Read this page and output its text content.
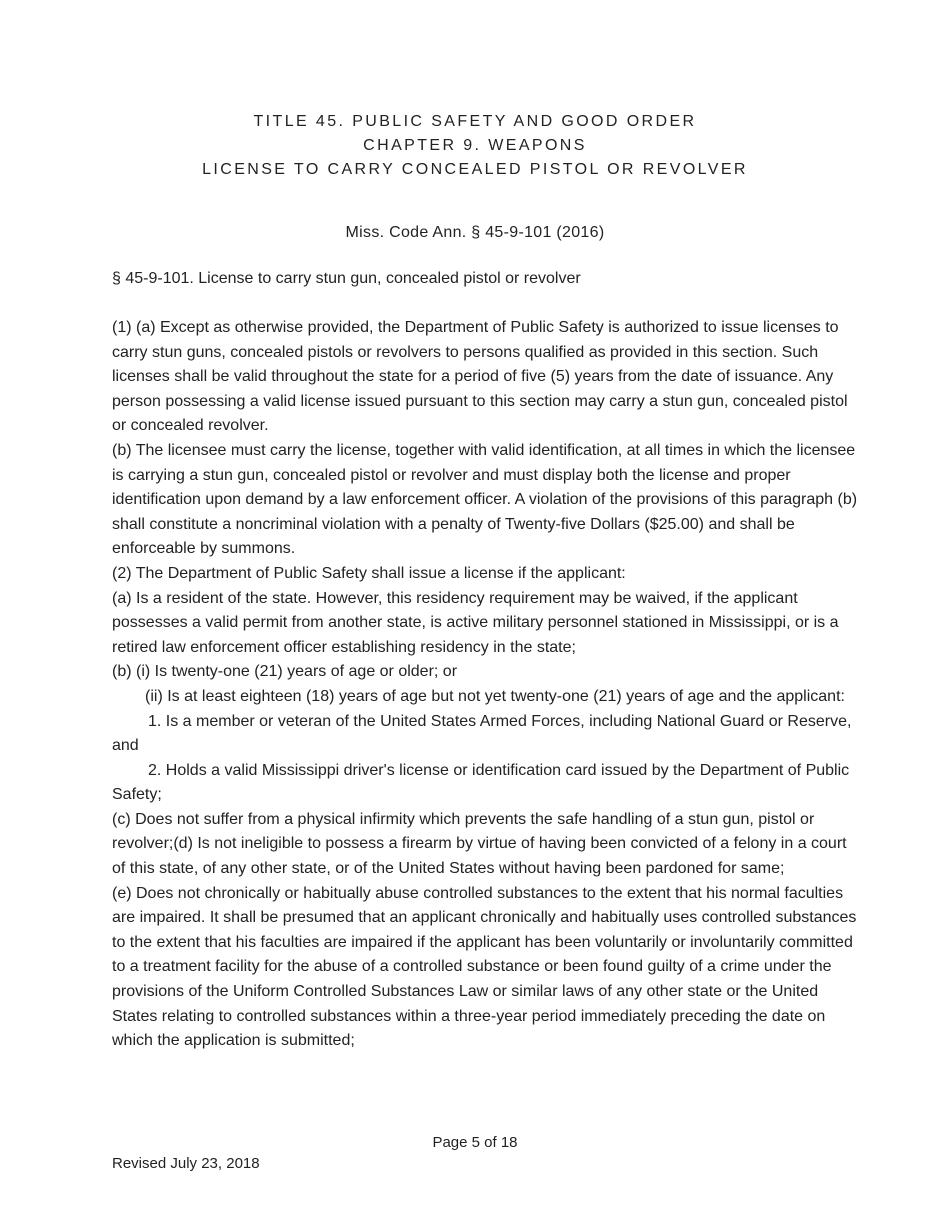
TITLE 45. PUBLIC SAFETY AND GOOD ORDER
CHAPTER 9. WEAPONS
LICENSE TO CARRY CONCEALED PISTOL OR REVOLVER
Miss. Code Ann. § 45-9-101 (2016)
§ 45-9-101. License to carry stun gun, concealed pistol or revolver

(1) (a) Except as otherwise provided, the Department of Public Safety is authorized to issue licenses to carry stun guns, concealed pistols or revolvers to persons qualified as provided in this section. Such licenses shall be valid throughout the state for a period of five (5) years from the date of issuance. Any person possessing a valid license issued pursuant to this section may carry a stun gun, concealed pistol or concealed revolver.

(b) The licensee must carry the license, together with valid identification, at all times in which the licensee is carrying a stun gun, concealed pistol or revolver and must display both the license and proper identification upon demand by a law enforcement officer. A violation of the provisions of this paragraph (b) shall constitute a noncriminal violation with a penalty of Twenty-five Dollars ($25.00) and shall be enforceable by summons.

(2) The Department of Public Safety shall issue a license if the applicant:

(a) Is a resident of the state. However, this residency requirement may be waived, if the applicant possesses a valid permit from another state, is active military personnel stationed in Mississippi, or is a retired law enforcement officer establishing residency in the state;

(b) (i) Is twenty-one (21) years of age or older; or

(ii) Is at least eighteen (18) years of age but not yet twenty-one (21) years of age and the applicant:

1. Is a member or veteran of the United States Armed Forces, including National Guard or Reserve, and

2. Holds a valid Mississippi driver's license or identification card issued by the Department of Public Safety;

(c) Does not suffer from a physical infirmity which prevents the safe handling of a stun gun, pistol or revolver;(d) Is not ineligible to possess a firearm by virtue of having been convicted of a felony in a court of this state, of any other state, or of the United States without having been pardoned for same;

(e) Does not chronically or habitually abuse controlled substances to the extent that his normal faculties are impaired. It shall be presumed that an applicant chronically and habitually uses controlled substances to the extent that his faculties are impaired if the applicant has been voluntarily or involuntarily committed to a treatment facility for the abuse of a controlled substance or been found guilty of a crime under the provisions of the Uniform Controlled Substances Law or similar laws of any other state or the United States relating to controlled substances within a three-year period immediately preceding the date on which the application is submitted;

Page 5 of 18
Revised July 23, 2018
